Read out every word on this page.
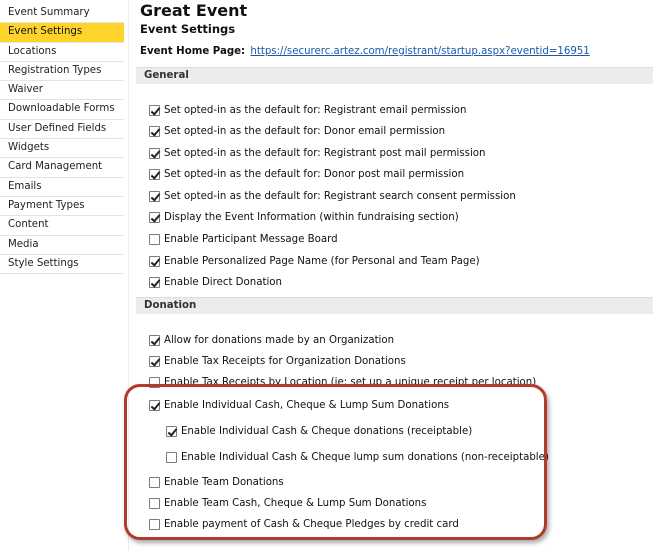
Event Summary
Event Settings
Locations
Registration Types
Waiver
Downloadable Forms
User Defined Fields
Widgets
Card Management
Emails
Payment Types
Content
Media
Style Settings
Great Event
Event Settings
Event Home Page: https://securerc.artez.com/registrant/startup.aspx?eventid=16951
General
Set opted-in as the default for: Registrant email permission
Set opted-in as the default for: Donor email permission
Set opted-in as the default for: Registrant post mail permission
Set opted-in as the default for: Donor post mail permission
Set opted-in as the default for: Registrant search consent permission
Display the Event Information (within fundraising section)
Enable Participant Message Board
Enable Personalized Page Name (for Personal and Team Page)
Enable Direct Donation
Donation
Allow for donations made by an Organization
Enable Tax Receipts for Organization Donations
Enable Tax Receipts by Location (ie: set up a unique receipt per location)
Enable Individual Cash, Cheque & Lump Sum Donations
Enable Individual Cash & Cheque donations (receiptable)
Enable Individual Cash & Cheque lump sum donations (non-receiptable)
Enable Team Donations
Enable Team Cash, Cheque & Lump Sum Donations
Enable payment of Cash & Cheque Pledges by credit card
